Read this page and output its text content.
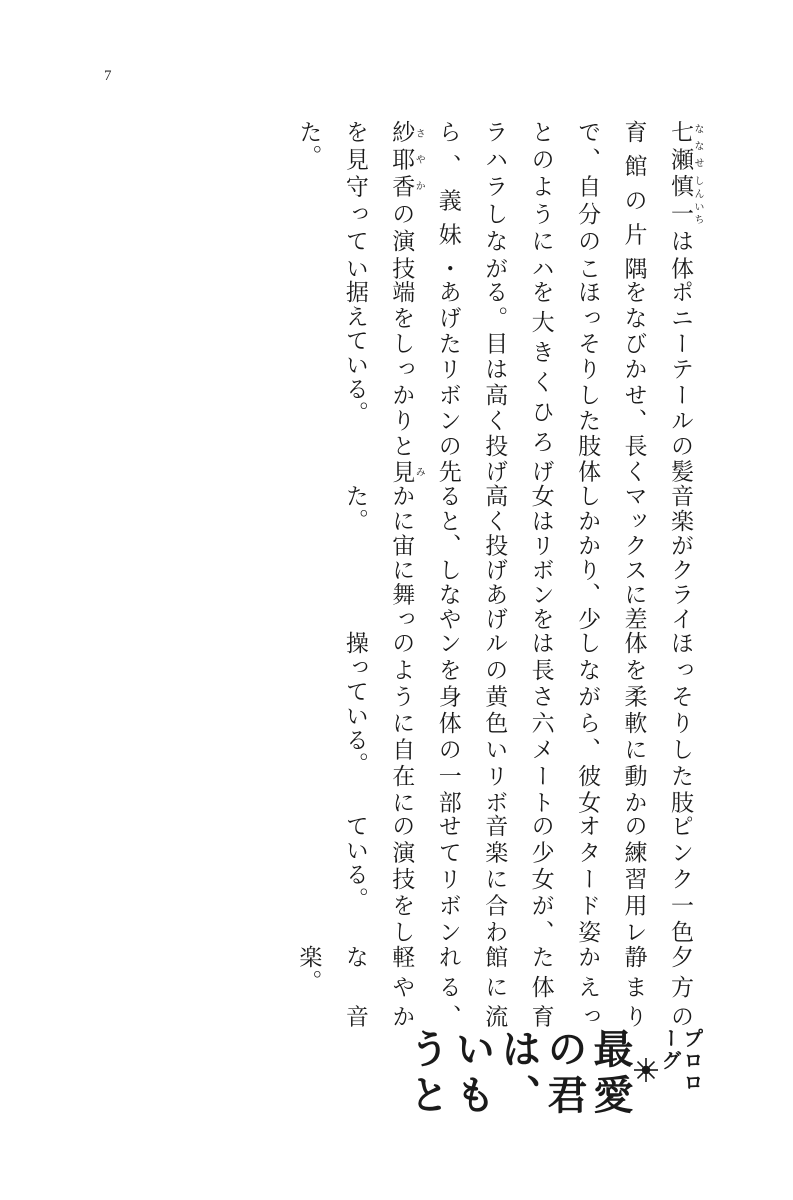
7

七瀬 ななせ慎一 しんいちは体育館の片隅で、自分のことのようにハラハラしながら、義妹・紗耶香 さやかの演技を見守っていた。

ポニーテールの髪をなびかせ、長くほっそりした肢体を大きくひろげる。目は高く投げあげたリボンの先端をしっかりと見 み据えている。

音楽がクライマックスに差しかかり、少女はリボンを高く投げあげると、しなやかに宙に舞った。

ほっそりした肢体を柔軟に動かしながら、彼女は長さ六メートルの黄色いリボンを身体の一部のように自在に操っている。

ピンク一色の練習用レオタード姿の少女が、音楽に合わせてリボンの演技をしている。

夕方の静まりかえった体育館に流れる、軽やかな音楽。

プロローグ
最愛の君は、いもうと
